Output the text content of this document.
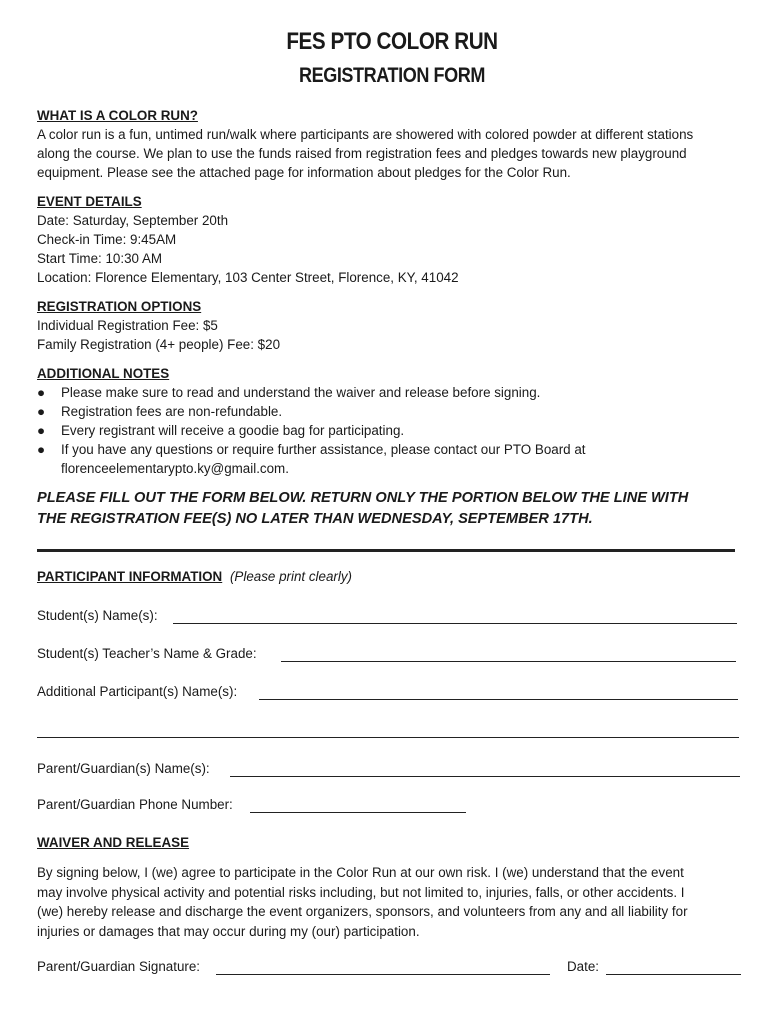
FES PTO COLOR RUN
REGISTRATION FORM
WHAT IS A COLOR RUN?
A color run is a fun, untimed run/walk where participants are showered with colored powder at different stations
along the course. We plan to use the funds raised from registration fees and pledges towards new playground
equipment. Please see the attached page for information about pledges for the Color Run.
EVENT DETAILS
Date: Saturday, September 20th
Check-in Time: 9:45AM
Start Time: 10:30 AM
Location: Florence Elementary, 103 Center Street, Florence, KY, 41042
REGISTRATION OPTIONS
Individual Registration Fee: $5
Family Registration (4+ people) Fee: $20
ADDITIONAL NOTES
● Please make sure to read and understand the waiver and release before signing.
● Registration fees are non-refundable.
● Every registrant will receive a goodie bag for participating.
● If you have any questions or require further assistance, please contact our PTO Board at
florenceelementarypto.ky@gmail.com.
PLEASE FILL OUT THE FORM BELOW. RETURN ONLY THE PORTION BELOW THE LINE WITH
THE REGISTRATION FEE(S) NO LATER THAN WEDNESDAY, SEPTEMBER 17TH.
PARTICIPANT INFORMATION (Please print clearly)
Student(s) Name(s):
Student(s) Teacher’s Name & Grade:
Additional Participant(s) Name(s):
Parent/Guardian(s) Name(s):
Parent/Guardian Phone Number:
WAIVER AND RELEASE
By signing below, I (we) agree to participate in the Color Run at our own risk. I (we) understand that the event
may involve physical activity and potential risks including, but not limited to, injuries, falls, or other accidents. I
(we) hereby release and discharge the event organizers, sponsors, and volunteers from any and all liability for
injuries or damages that may occur during my (our) participation.
Parent/Guardian Signature:	Date:
